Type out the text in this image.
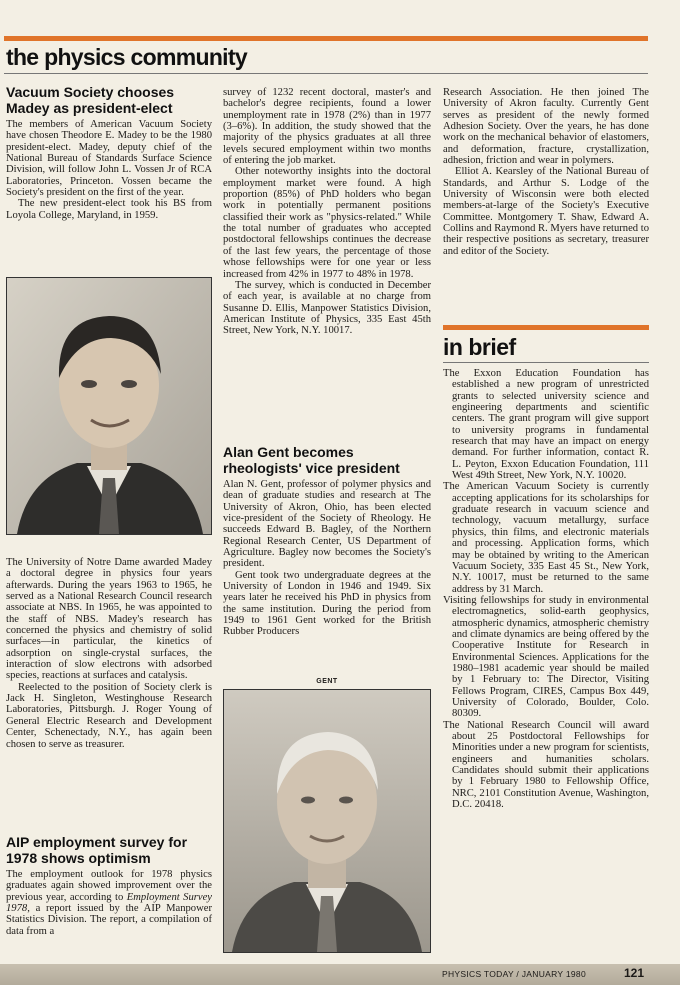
the physics community
Vacuum Society chooses Madey as president-elect

The members of American Vacuum Society have chosen Theodore E. Madey to be the 1980 president-elect. Madey, deputy chief of the National Bureau of Standards Surface Science Division, will follow John L. Vossen Jr of RCA Laboratories, Princeton. Vossen became the Society's president on the first of the year.

The new president-elect took his BS from Loyola College, Maryland, in 1959.

The University of Notre Dame awarded Madey a doctoral degree in physics four years afterwards. During the years 1963 to 1965, he served as a National Research Council research associate at NBS. In 1965, he was appointed to the staff of NBS. Madey's research has concerned the physics and chemistry of solid surfaces—in particular, the kinetics of adsorption on single-crystal surfaces, the interaction of slow electrons with adsorbed species, reactions at surfaces and catalysis.

Reelected to the position of Society clerk is Jack H. Singleton, Westinghouse Research Laboratories, Pittsburgh. J. Roger Young of General Electric Research and Development Center, Schenectady, N.Y., has again been chosen to serve as treasurer.

AIP employment survey for 1978 shows optimism

The employment outlook for 1978 physics graduates again showed improvement over the previous year, according to Employment Survey 1978, a report issued by the AIP Manpower Statistics Division. The report, a compilation of data from a

survey of 1232 recent doctoral, master's and bachelor's degree recipients, found a lower unemployment rate in 1978 (2%) than in 1977 (3–6%). In addition, the study showed that the majority of the physics graduates at all three levels secured employment within two months of entering the job market.

Other noteworthy insights into the doctoral employment market were found. A high proportion (85%) of PhD holders who began work in potentially permanent positions classified their work as "physics-related." While the total number of graduates who accepted postdoctoral fellowships continues the decrease of the last few years, the percentage of those whose fellowships were for one year or less increased from 42% in 1977 to 48% in 1978.

The survey, which is conducted in December of each year, is available at no charge from Susanne D. Ellis, Manpower Statistics Division, American Institute of Physics, 335 East 45th Street, New York, N.Y. 10017.

Alan Gent becomes rheologists' vice president

Alan N. Gent, professor of polymer physics and dean of graduate studies and research at The University of Akron, Ohio, has been elected vice-president of the Society of Rheology. He succeeds Edward B. Bagley, of the Northern Regional Research Center, US Department of Agriculture. Bagley now becomes the Society's president.

Gent took two undergraduate degrees at the University of London in 1946 and 1949. Six years later he received his PhD in physics from the same institution. During the period from 1949 to 1961 Gent worked for the British Rubber Producers

GENT

Research Association. He then joined The University of Akron faculty. Currently Gent serves as president of the newly formed Adhesion Society. Over the years, he has done work on the mechanical behavior of elastomers, and deformation, fracture, crystallization, adhesion, friction and wear in polymers.

Elliot A. Kearsley of the National Bureau of Standards, and Arthur S. Lodge of the University of Wisconsin were both elected members-at-large of the Society's Executive Committee. Montgomery T. Shaw, Edward A. Collins and Raymond R. Myers have returned to their respective positions as secretary, treasurer and editor of the Society.

in brief

The Exxon Education Foundation has established a new program of unrestricted grants to selected university science and engineering departments and scientific centers. The grant program will give support to university programs in fundamental research that may have an impact on energy demand. For further information, contact R. L. Peyton, Exxon Education Foundation, 111 West 49th Street, New York, N.Y. 10020.

The American Vacuum Society is currently accepting applications for its scholarships for graduate research in vacuum science and technology, vacuum metallurgy, surface physics, thin films, and electronic materials and processing. Application forms, which may be obtained by writing to the American Vacuum Society, 335 East 45 St., New York, N.Y. 10017, must be returned to the same address by 31 March.

Visiting fellowships for study in environmental electromagnetics, solid-earth geophysics, atmospheric dynamics, atmospheric chemistry and climate dynamics are being offered by the Cooperative Institute for Research in Environmental Sciences. Applications for the 1980–1981 academic year should be mailed by 1 February to: The Director, Visiting Fellows Program, CIRES, Campus Box 449, University of Colorado, Boulder, Colo. 80309.

The National Research Council will award about 25 Postdoctoral Fellowships for Minorities under a new program for scientists, engineers and humanities scholars. Candidates should submit their applications by 1 February 1980 to Fellowship Office, NRC, 2101 Constitution Avenue, Washington, D.C. 20418.

PHYSICS TODAY / JANUARY 1980	121
